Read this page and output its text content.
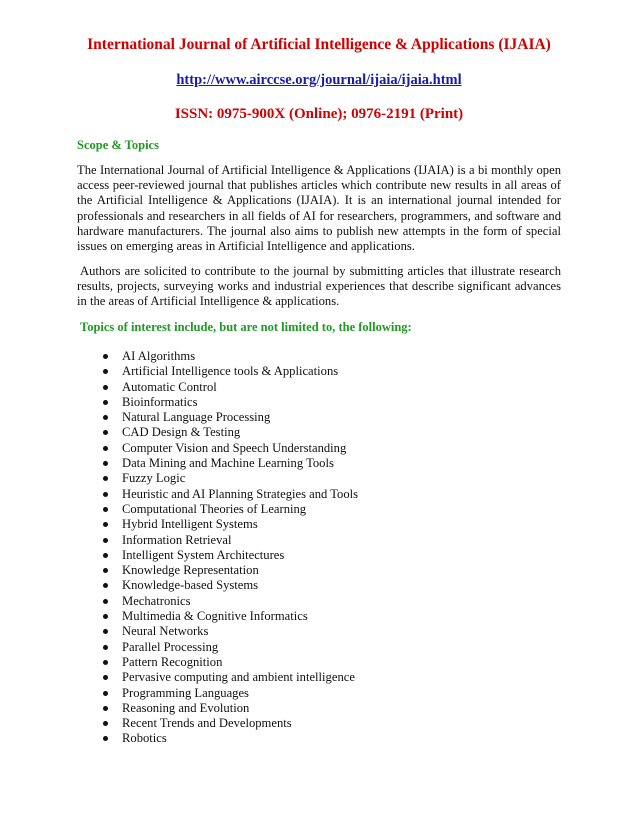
International Journal of Artificial Intelligence & Applications (IJAIA)
http://www.airccse.org/journal/ijaia/ijaia.html
ISSN: 0975-900X (Online); 0976-2191 (Print)
Scope & Topics

The International Journal of Artificial Intelligence & Applications (IJAIA) is a bi monthly open access peer-reviewed journal that publishes articles which contribute new results in all areas of the Artificial Intelligence & Applications (IJAIA). It is an international journal intended for professionals and researchers in all fields of AI for researchers, programmers, and software and hardware manufacturers. The journal also aims to publish new attempts in the form of special issues on emerging areas in Artificial Intelligence and applications.

Authors are solicited to contribute to the journal by submitting articles that illustrate research results, projects, surveying works and industrial experiences that describe significant advances in the areas of Artificial Intelligence & applications.

Topics of interest include, but are not limited to, the following:
AI Algorithms
Artificial Intelligence tools & Applications
Automatic Control
Bioinformatics
Natural Language Processing
CAD Design & Testing
Computer Vision and Speech Understanding
Data Mining and Machine Learning Tools
Fuzzy Logic
Heuristic and AI Planning Strategies and Tools
Computational Theories of Learning
Hybrid Intelligent Systems
Information Retrieval
Intelligent System Architectures
Knowledge Representation
Knowledge-based Systems
Mechatronics
Multimedia & Cognitive Informatics
Neural Networks
Parallel Processing
Pattern Recognition
Pervasive computing and ambient intelligence
Programming Languages
Reasoning and Evolution
Recent Trends and Developments
Robotics
